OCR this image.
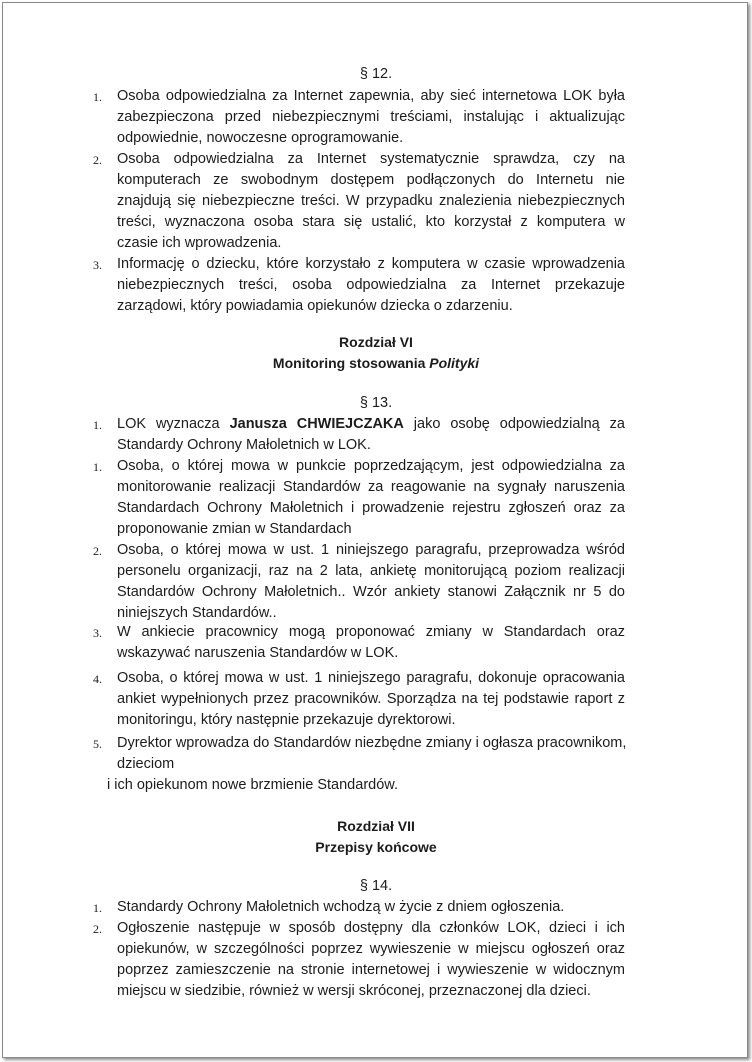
§ 12.
1.	Osoba odpowiedzialna za Internet zapewnia, aby sieć internetowa LOK była
zabezpieczona przed niebezpiecznymi treściami, instalując i aktualizując
odpowiednie, nowoczesne oprogramowanie.
2.	Osoba odpowiedzialna za Internet systematycznie sprawdza, czy na
komputerach ze swobodnym dostępem podłączonych do Internetu nie
znajdują się niebezpieczne treści. W przypadku znalezienia niebezpiecznych
treści, wyznaczona osoba stara się ustalić, kto korzystał z komputera w
czasie ich wprowadzenia.
3.	Informację o dziecku, które korzystało z komputera w czasie wprowadzenia
niebezpiecznych treści, osoba odpowiedzialna za Internet przekazuje
zarządowi, który powiadamia opiekunów dziecka o zdarzeniu.
Rozdział VI
Monitoring stosowania Polityki
§ 13.
1.	LOK wyznacza Janusza CHWIEJCZAKA jako osobę odpowiedzialną za
Standardy Ochrony Małoletnich w LOK.
1.	Osoba, o której mowa w punkcie poprzedzającym, jest odpowiedzialna za
monitorowanie realizacji Standardów za reagowanie na sygnały naruszenia
Standardach Ochrony Małoletnich i prowadzenie rejestru zgłoszeń oraz za
proponowanie zmian w Standardach
2.	Osoba, o której mowa w ust. 1 niniejszego paragrafu, przeprowadza wśród
personelu organizacji, raz na 2 lata, ankietę monitorującą poziom realizacji
Standardów Ochrony Małoletnich.. Wzór ankiety stanowi Załącznik nr 5 do
niniejszych Standardów..
3.	W ankiecie pracownicy mogą proponować zmiany w Standardach oraz
wskazywać naruszenia Standardów w LOK.
4.	Osoba, o której mowa w ust. 1 niniejszego paragrafu, dokonuje opracowania
ankiet wypełnionych przez pracowników. Sporządza na tej podstawie raport z
monitoringu, który następnie przekazuje dyrektorowi.
5.	Dyrektor wprowadza do Standardów niezbędne zmiany i ogłasza pracownikom,
dzieciom
i ich opiekunom nowe brzmienie Standardów.
Rozdział VII
Przepisy końcowe
§ 14.
1.	Standardy Ochrony Małoletnich wchodzą w życie z dniem ogłoszenia.
2.	Ogłoszenie następuje w sposób dostępny dla członków LOK, dzieci i ich
opiekunów, w szczególności poprzez wywieszenie w miejscu ogłoszeń oraz
poprzez zamieszczenie na stronie internetowej i wywieszenie w widocznym
miejscu w siedzibie, również w wersji skróconej, przeznaczonej dla dzieci.
